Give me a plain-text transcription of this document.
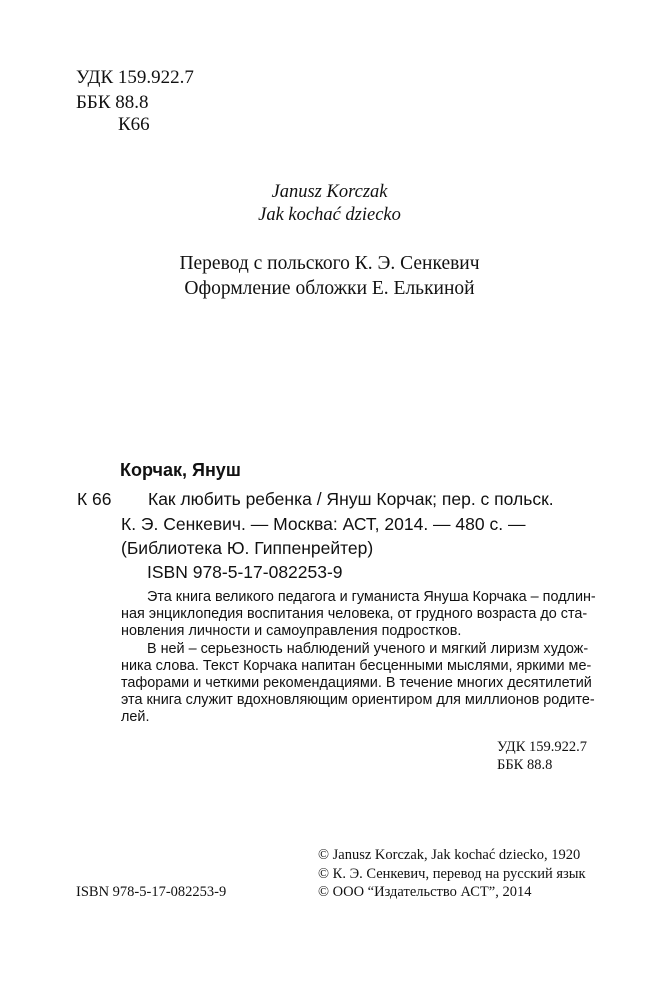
УДК 159.922.7
ББК 88.8
К66
Janusz Korczak
Jak kochać dziecko
Перевод с польского К. Э. Сенкевич
Оформление обложки Е. Елькиной
Корчак, Януш
К 66 Как любить ребенка / Януш Корчак; пер. с польск.
К. Э. Сенкевич. — Москва: АСТ, 2014. — 480 с. —
(Библиотека Ю. Гиппенрейтер)
ISBN 978-5-17-082253-9
Эта книга великого педагога и гуманиста Януша Корчака – подлин-
ная энциклопедия воспитания человека, от грудного возраста до ста-
новления личности и самоуправления подростков.
В ней – серьезность наблюдений ученого и мягкий лиризм худож-
ника слова. Текст Корчака напитан бесценными мыслями, яркими ме-
тафорами и четкими рекомендациями. В течение многих десятилетий
эта книга служит вдохновляющим ориентиром для миллионов родите-
лей.
УДК 159.922.7
ББК 88.8
ISBN 978-5-17-082253-9
© Janusz Korczak, Jak kochać dziecko, 1920
© К. Э. Сенкевич, перевод на русский язык
© ООО “Издательство АСТ”, 2014
